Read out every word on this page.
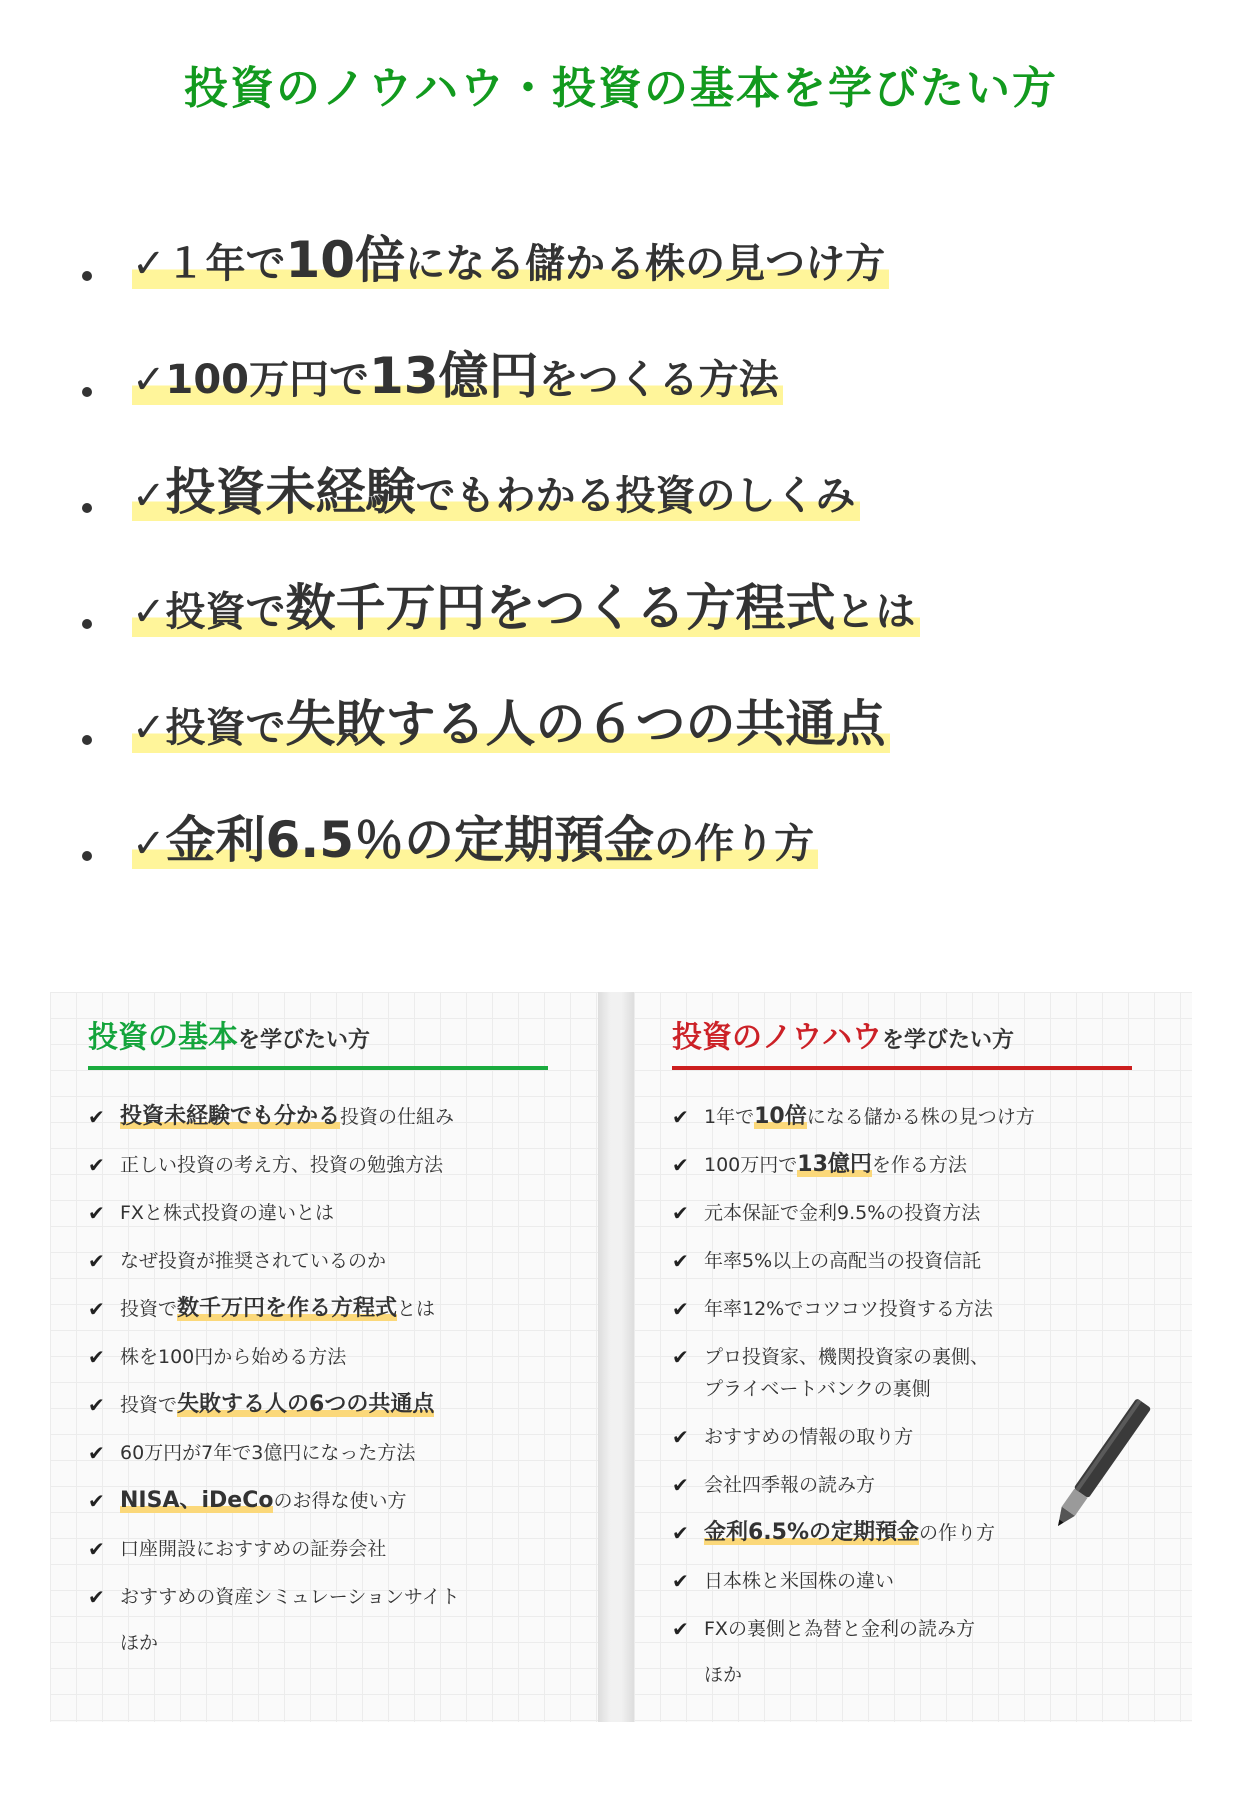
投資のノウハウ・投資の基本を学びたい方
✓１年で10倍になる儲かる株の見つけ方
✓100万円で13億円をつくる方法
✓投資未経験でもわかる投資のしくみ
✓投資で数千万円をつくる方程式とは
✓投資で失敗する人の６つの共通点
✓金利6.5％の定期預金の作り方
投資の基本を学びたい方
✔ 投資未経験でも分かる投資の仕組み
✔ 正しい投資の考え方、投資の勉強方法
✔ FXと株式投資の違いとは
✔ なぜ投資が推奨されているのか
✔ 投資で数千万円を作る方程式とは
✔ 株を100円から始める方法
✔ 投資で失敗する人の6つの共通点
✔ 60万円が7年で3億円になった方法
✔ NISA、iDeCoのお得な使い方
✔ 口座開設におすすめの証券会社
✔ おすすめの資産シミュレーションサイト
ほか
投資のノウハウを学びたい方
✔ 1年で10倍になる儲かる株の見つけ方
✔ 100万円で13億円を作る方法
✔ 元本保証で金利9.5%の投資方法
✔ 年率5%以上の高配当の投資信託
✔ 年率12%でコツコツ投資する方法
✔ プロ投資家、機関投資家の裏側、
プライベートバンクの裏側
✔ おすすめの情報の取り方
✔ 会社四季報の読み方
✔ 金利6.5%の定期預金の作り方
✔ 日本株と米国株の違い
✔ FXの裏側と為替と金利の読み方
ほか
